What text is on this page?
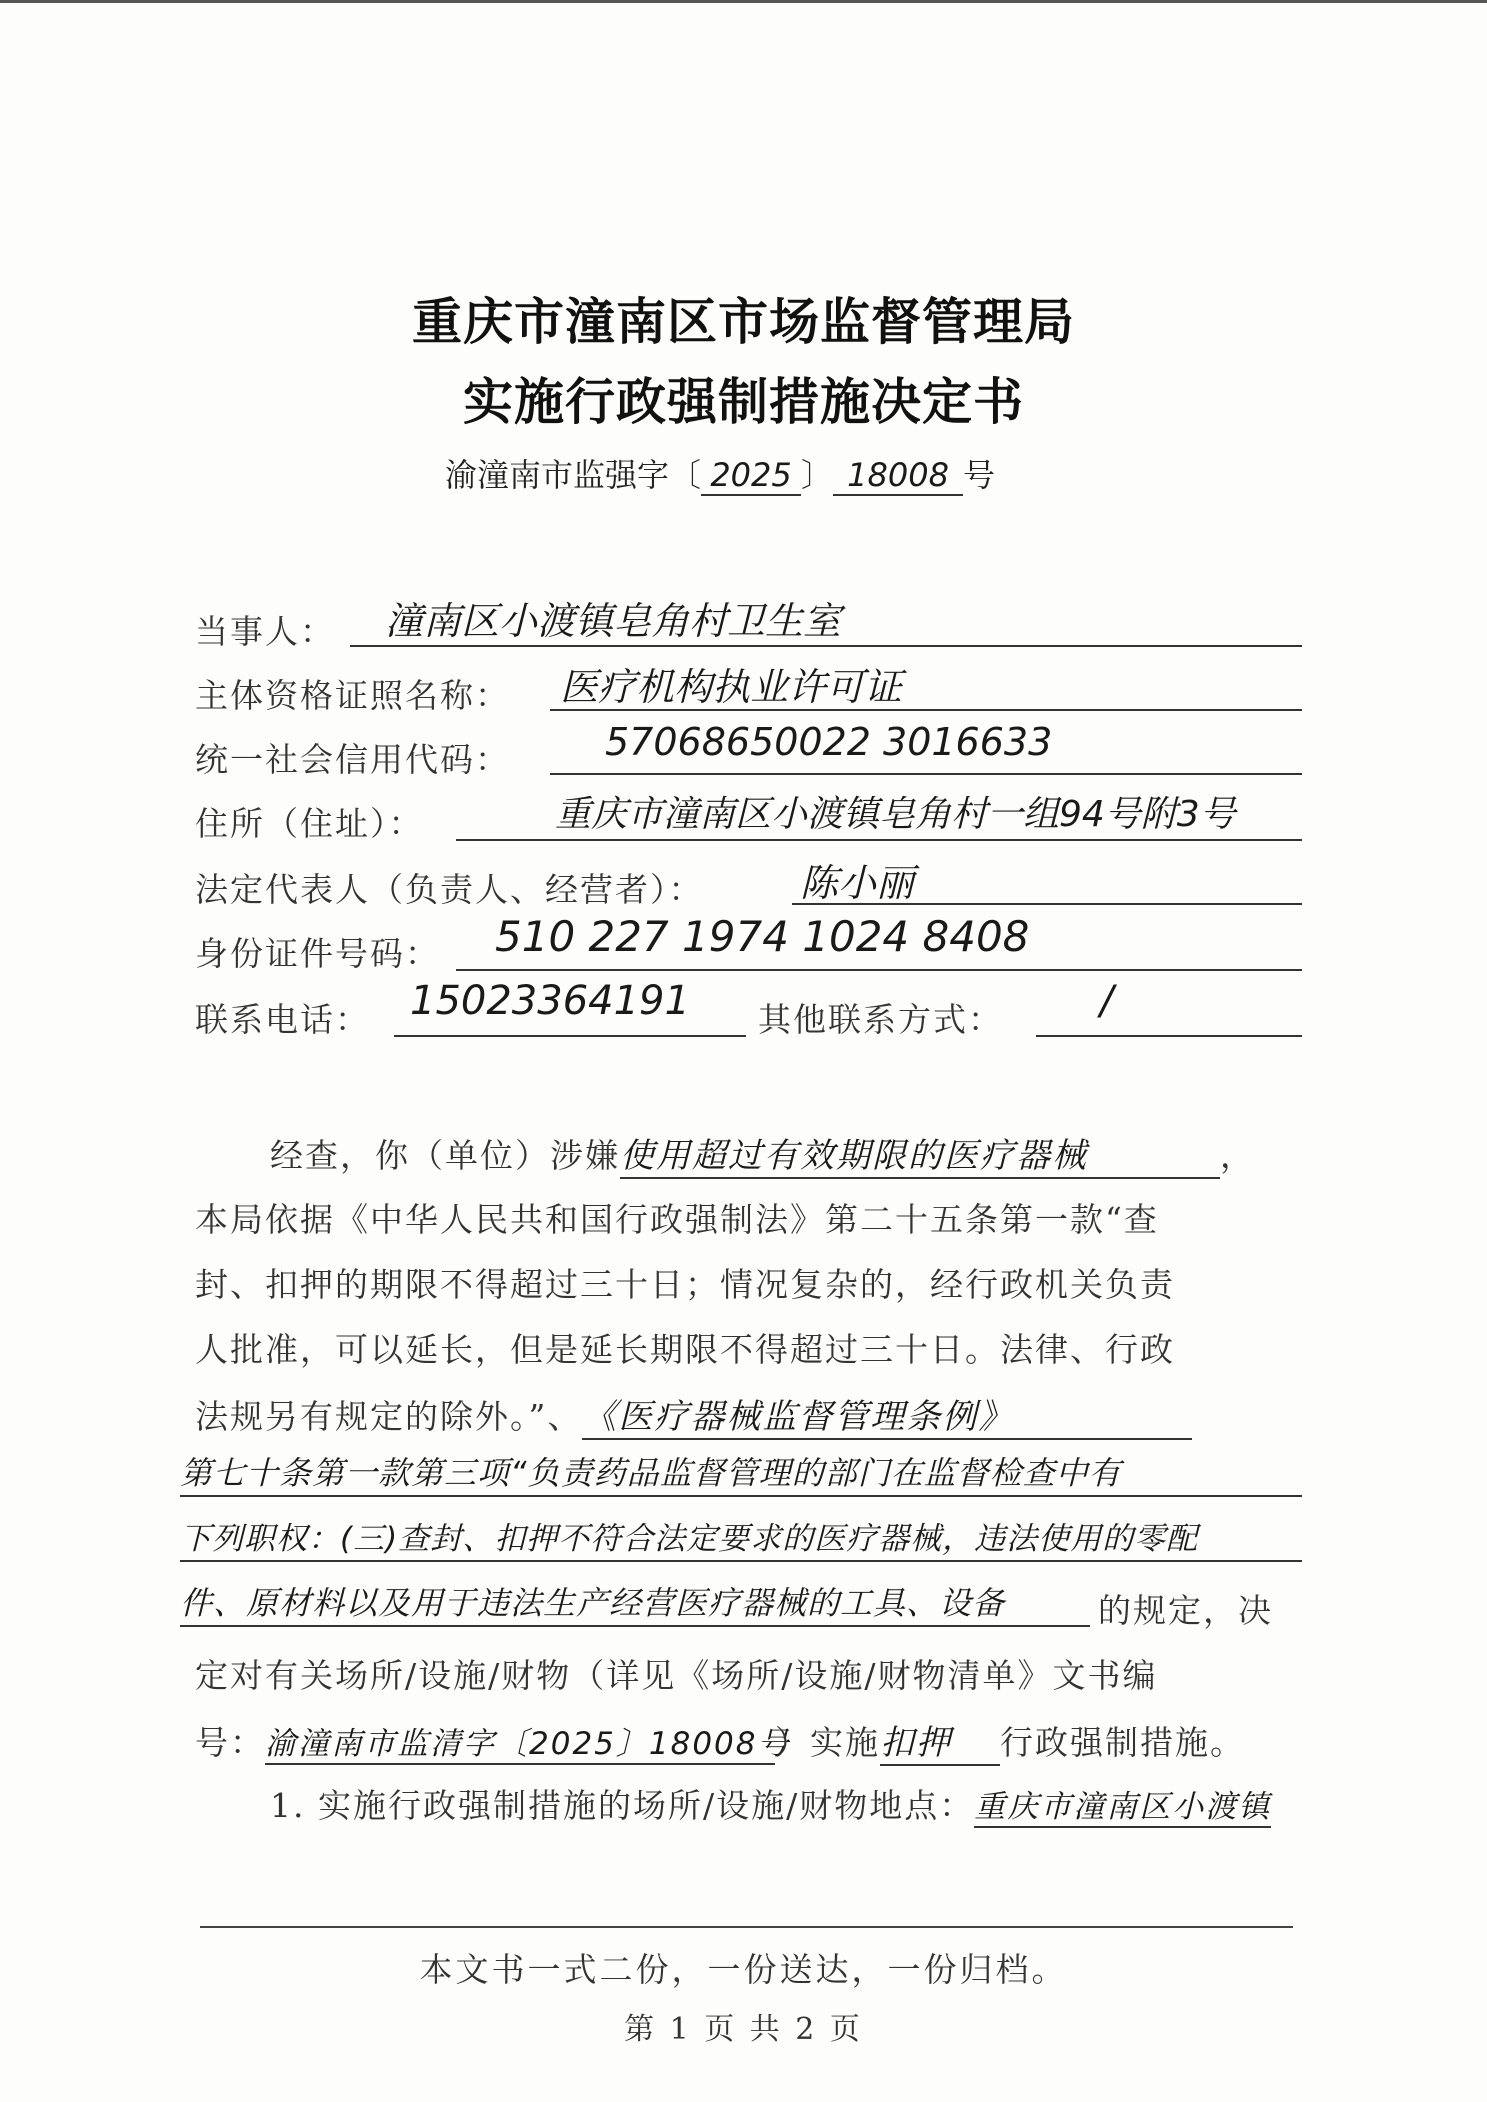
重庆市潼南区市场监督管理局
实施行政强制措施决定书
渝潼南市监强字〔 2025 〕 18008 号
当事人： 潼南区小渡镇皂角村卫生室
主体资格证照名称： 医疗机构执业许可证
统一社会信用代码：	57068650022 3016633
住所（住址）：	重庆市潼南区小渡镇皂角村一组94号附3号
法定代表人（负责人、经营者）：	陈小丽
身份证件号码： 510 227 1974 1024 8408
联系电话： 15023364191 其他联系方式： /
经查，你（单位）涉嫌使用超过有效期限的医疗器械	，
本局依据《中华人民共和国行政强制法》第二十五条第一款“查
封、扣押的期限不得超过三十日；情况复杂的，经行政机关负责
人批准，可以延长，但是延长期限不得超过三十日。法律、行政
法规另有规定的除外。”、《医疗器械监督管理条例》
第七十条第一款第三项“负责药品监督管理的部门在监督检查中有
下列职权：(三)查封、扣押不符合法定要求的医疗器械，违法使用的零配
件、原材料以及用于违法生产经营医疗器械的工具、设备	的规定，决
定对有关场所/设施/财物（详见《场所/设施/财物清单》文书编
号：渝潼南市监清字〔2025〕18008号）实施扣押 行政强制措施。
1. 实施行政强制措施的场所/设施/财物地点：重庆市潼南区小渡镇
本文书一式二份，一份送达，一份归档。
第 1 页 共 2 页
